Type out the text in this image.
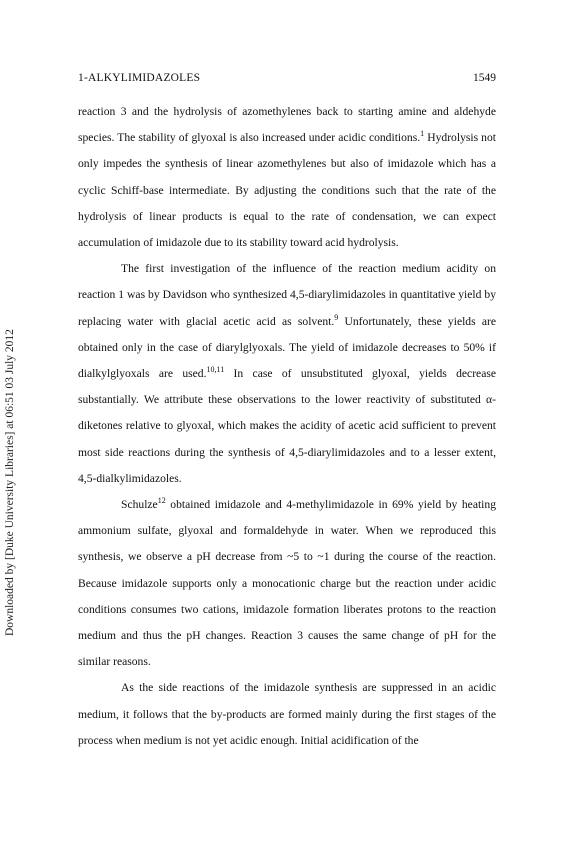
1-ALKYLIMIDAZOLES	1549
Downloaded by [Duke University Libraries] at 06:51 03 July 2012

reaction 3 and the hydrolysis of azomethylenes back to starting amine and aldehyde species. The stability of glyoxal is also increased under acidic conditions.$^1$ Hydrolysis not only impedes the synthesis of linear azomethylenes but also of imidazole which has a cyclic Schiff-base intermediate. By adjusting the conditions such that the rate of the hydrolysis of linear products is equal to the rate of condensation, we can expect accumulation of imidazole due to its stability toward acid hydrolysis.

The first investigation of the influence of the reaction medium acidity on reaction 1 was by Davidson who synthesized 4,5-diarylimidazoles in quantitative yield by replacing water with glacial acetic acid as solvent.$^9$ Unfortunately, these yields are obtained only in the case of diarylglyoxals. The yield of imidazole decreases to 50% if dialkylglyoxals are used.$^{10,11}$ In case of unsubstituted glyoxal, yields decrease substantially. We attribute these observations to the lower reactivity of substituted α-diketones relative to glyoxal, which makes the acidity of acetic acid sufficient to prevent most side reactions during the synthesis of 4,5-diarylimidazoles and to a lesser extent, 4,5-dialkylimidazoles.

Schulze$^{12}$ obtained imidazole and 4-methylimidazole in 69% yield by heating ammonium sulfate, glyoxal and formaldehyde in water. When we reproduced this synthesis, we observe a pH decrease from ~5 to ~1 during the course of the reaction. Because imidazole supports only a monocationic charge but the reaction under acidic conditions consumes two cations, imidazole formation liberates protons to the reaction medium and thus the pH changes. Reaction 3 causes the same change of pH for the similar reasons.

As the side reactions of the imidazole synthesis are suppressed in an acidic medium, it follows that the by-products are formed mainly during the first stages of the process when medium is not yet acidic enough. Initial acidification of the
